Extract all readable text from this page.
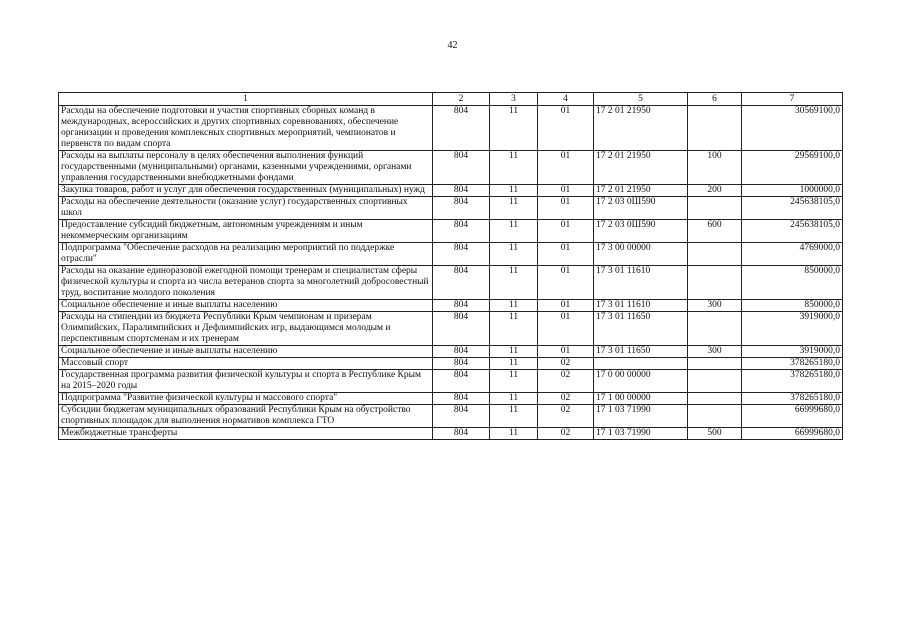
42
1	2	3	4	5	6	7
Расходы на обеспечение подготовки и участия спортивных сборных команд в международных, всероссийских и других спортивных соревнованиях, обеспечение организации и проведения комплексных спортивных мероприятий, чемпионатов и первенств по видам спорта	804	11	01	17 2 01 21950		30569100,0
Расходы на выплаты персоналу в целях обеспечения выполнения функций государственными (муниципальными) органами, казенными учреждениями, органами управления государственными внебюджетными фондами	804	11	01	17 2 01 21950	100	29569100,0
Закупка товаров, работ и услуг для обеспечения государственных (муниципальных) нужд	804	11	01	17 2 01 21950	200	1000000,0
Расходы на обеспечение деятельности (оказание услуг) государственных спортивных школ	804	11	01	17 2 03 0Ш590		245638105,0
Предоставление субсидий бюджетным, автономным учреждениям и иным некоммерческим организациям	804	11	01	17 2 03 0Ш590	600	245638105,0
Подпрограмма "Обеспечение расходов на реализацию мероприятий по поддержке отрасли"	804	11	01	17 3 00 00000		4769000,0
Расходы на оказание единоразовой ежегодной помощи тренерам и специалистам сферы физической культуры и спорта из числа ветеранов спорта за многолетний добросовестный труд, воспитание молодого поколения	804	11	01	17 3 01 11610		850000,0
Социальное обеспечение и иные выплаты населению	804	11	01	17 3 01 11610	300	850000,0
Расходы на стипендии из бюджета Республики Крым чемпионам и призерам Олимпийских, Паралимпийских и Дефлимпийских игр, выдающимся молодым и перспективным спортсменам и их тренерам	804	11	01	17 3 01 11650		3919000,0
Социальное обеспечение и иные выплаты населению	804	11	01	17 3 01 11650	300	3919000,0
Массовый спорт	804	11	02			378265180,0
Государственная программа развития физической культуры и спорта в Республике Крым на 2015–2020 годы	804	11	02	17 0 00 00000		378265180,0
Подпрограмма "Развитие физической культуры и массового спорта"	804	11	02	17 1 00 00000		378265180,0
Субсидии бюджетам муниципальных образований Республики Крым на обустройство спортивных площадок для выполнения нормативов комплекса ГТО	804	11	02	17 1 03 71990		66999680,0
Межбюджетные трансферты	804	11	02	17 1 03 71990	500	66999680,0
